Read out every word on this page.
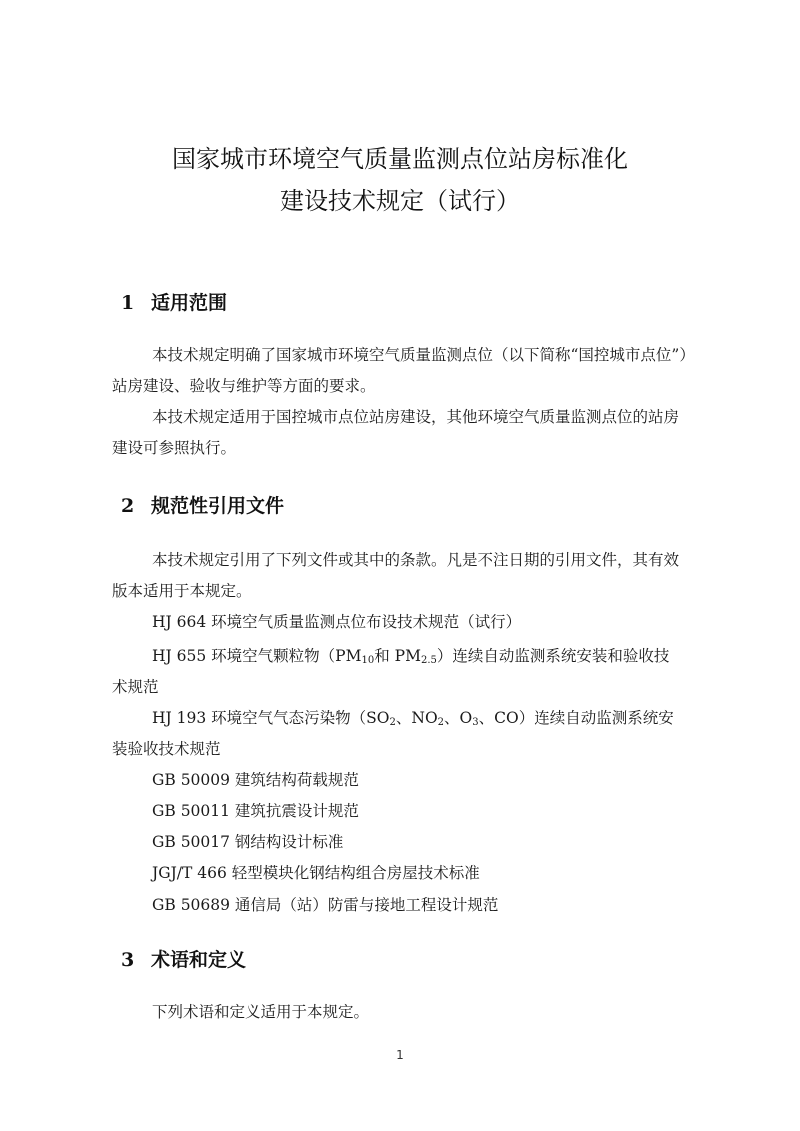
国家城市环境空气质量监测点位站房标准化
建设技术规定（试行）
1 适用范围
本技术规定明确了国家城市环境空气质量监测点位（以下简称“国控城市点位”）站房建设、验收与维护等方面的要求。
本技术规定适用于国控城市点位站房建设，其他环境空气质量监测点位的站房建设可参照执行。
2 规范性引用文件
本技术规定引用了下列文件或其中的条款。凡是不注日期的引用文件，其有效版本适用于本规定。
HJ 664 环境空气质量监测点位布设技术规范（试行）
HJ 655 环境空气颗粒物（$PM_{10}$和 $PM_{2.5}$）连续自动监测系统安装和验收技
术规范
HJ 193 环境空气气态污染物（$SO_2$、$NO_2$、$O_3$、CO）连续自动监测系统安
装验收技术规范
GB 50009 建筑结构荷载规范
GB 50011 建筑抗震设计规范
GB 50017 钢结构设计标准
JGJ/T 466 轻型模块化钢结构组合房屋技术标准
GB 50689 通信局（站）防雷与接地工程设计规范
3 术语和定义
下列术语和定义适用于本规定。
1
